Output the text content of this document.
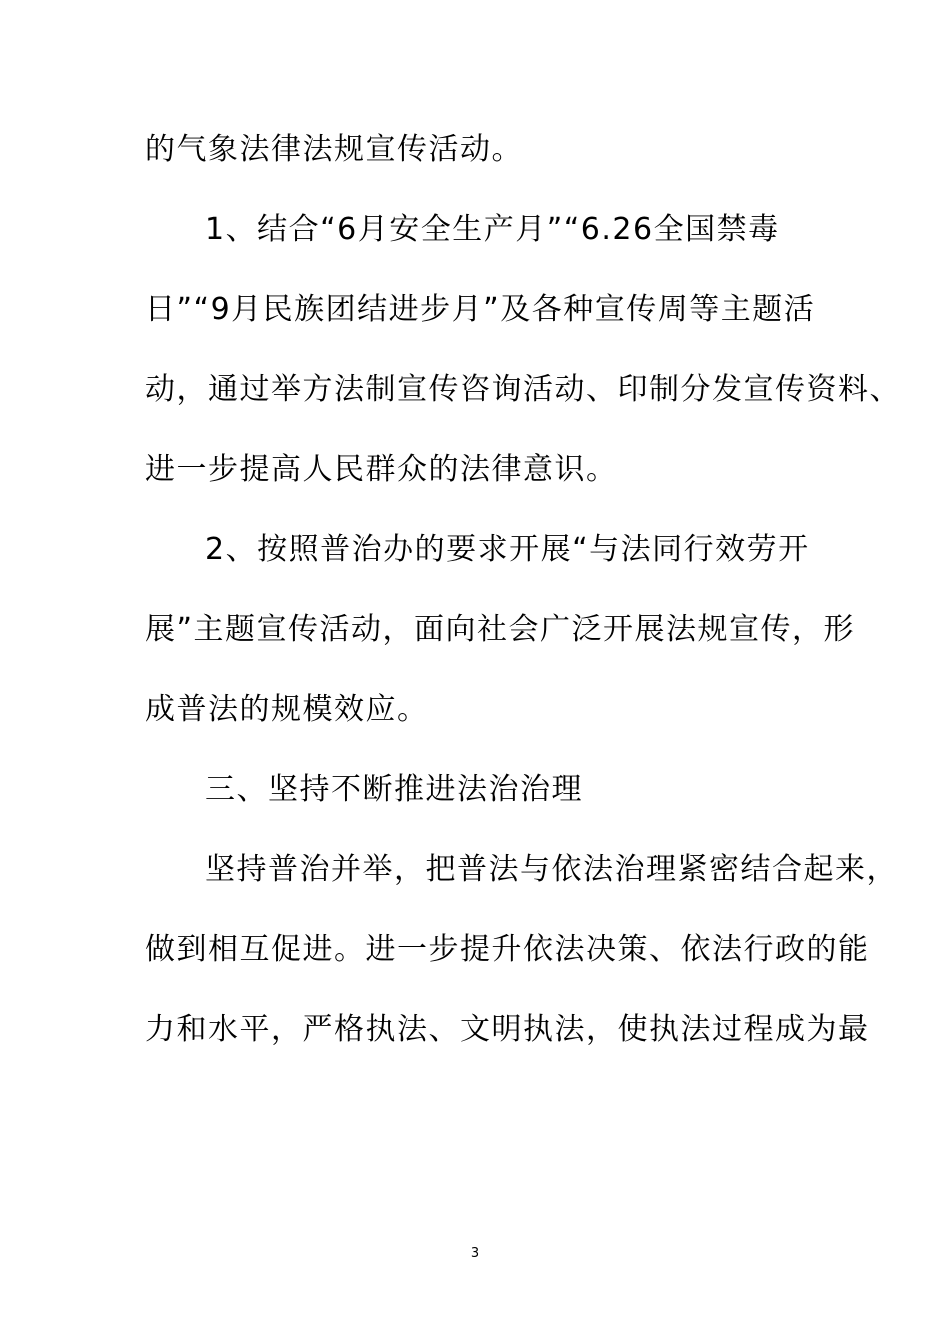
的气象法律法规宣传活动。
1、结合“6月安全生产月”“6.26全国禁毒
日”“9月民族团结进步月”及各种宣传周等主题活
动，通过举方法制宣传咨询活动、印制分发宣传资料、
进一步提高人民群众的法律意识。
2、按照普治办的要求开展“与法同行效劳开
展”主题宣传活动，面向社会广泛开展法规宣传，形
成普法的规模效应。
三、坚持不断推进法治治理
坚持普治并举，把普法与依法治理紧密结合起来，
做到相互促进。进一步提升依法决策、依法行政的能
力和水平，严格执法、文明执法，使执法过程成为最
3
